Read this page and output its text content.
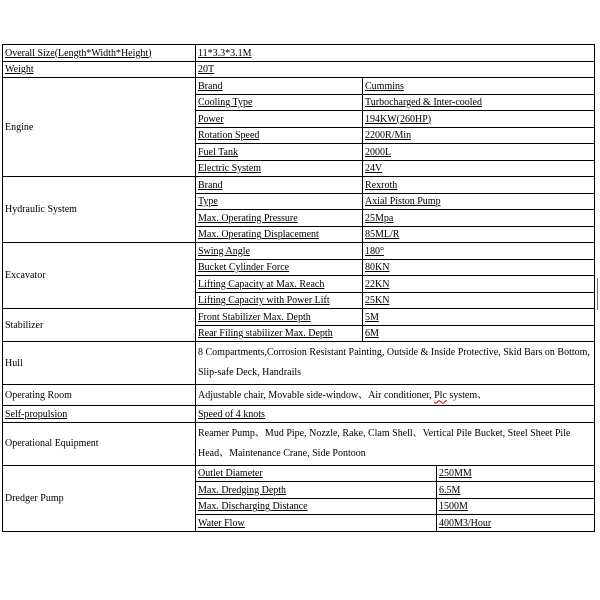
Overall Size(Length*Width*Height)	11*3.3*3.1M		
Weight	20T		
Engine	Brand	Cummins	
	Cooling Type	Turbocharged & Inter-cooled	
	Power	194KW(260HP)	
	Rotation Speed	2200R/Min	
	Fuel Tank	2000L	
	Electric System	24V	
Hydraulic System	Brand	Rexroth	
	Type	Axial Piston Pump	
	Max. Operating Pressure	25Mpa	
	Max. Operating Displacement	85ML/R	
Excavator	Swing Angle	180°	
	Bucket Cylinder Force	80KN	
	Lifting Capacity at Max. Reach	22KN	
	Lifting Capacity with Power Lift	25KN	
Stabilizer	Front Stabilizer Max. Depth	5M	
	Rear Filing stabilizer Max. Depth	6M	
Hull	8 Compartments,Corrosion Resistant Painting, Outside & Inside Protective, Skid Bars on Bottom, Slip-safe Deck, Handrails		
Operating Room	Adjustable chair, Movable side-window、Air conditioner, Plc system、		
Self-propulsion	Speed of 4 knots		
Operational Equipment	Reamer Pump、Mud Pipe, Nozzle, Rake, Clam Shell、Vertical Pile Bucket, Steel Sheet Pile Head、Maintenance Crane, Side Pontoon		
Dredger Pump	Outlet Diameter		250MM
	Max. Dredging Depth		6.5M
	Max. Discharging Distance		1500M
	Water Flow		400M3/Hour
